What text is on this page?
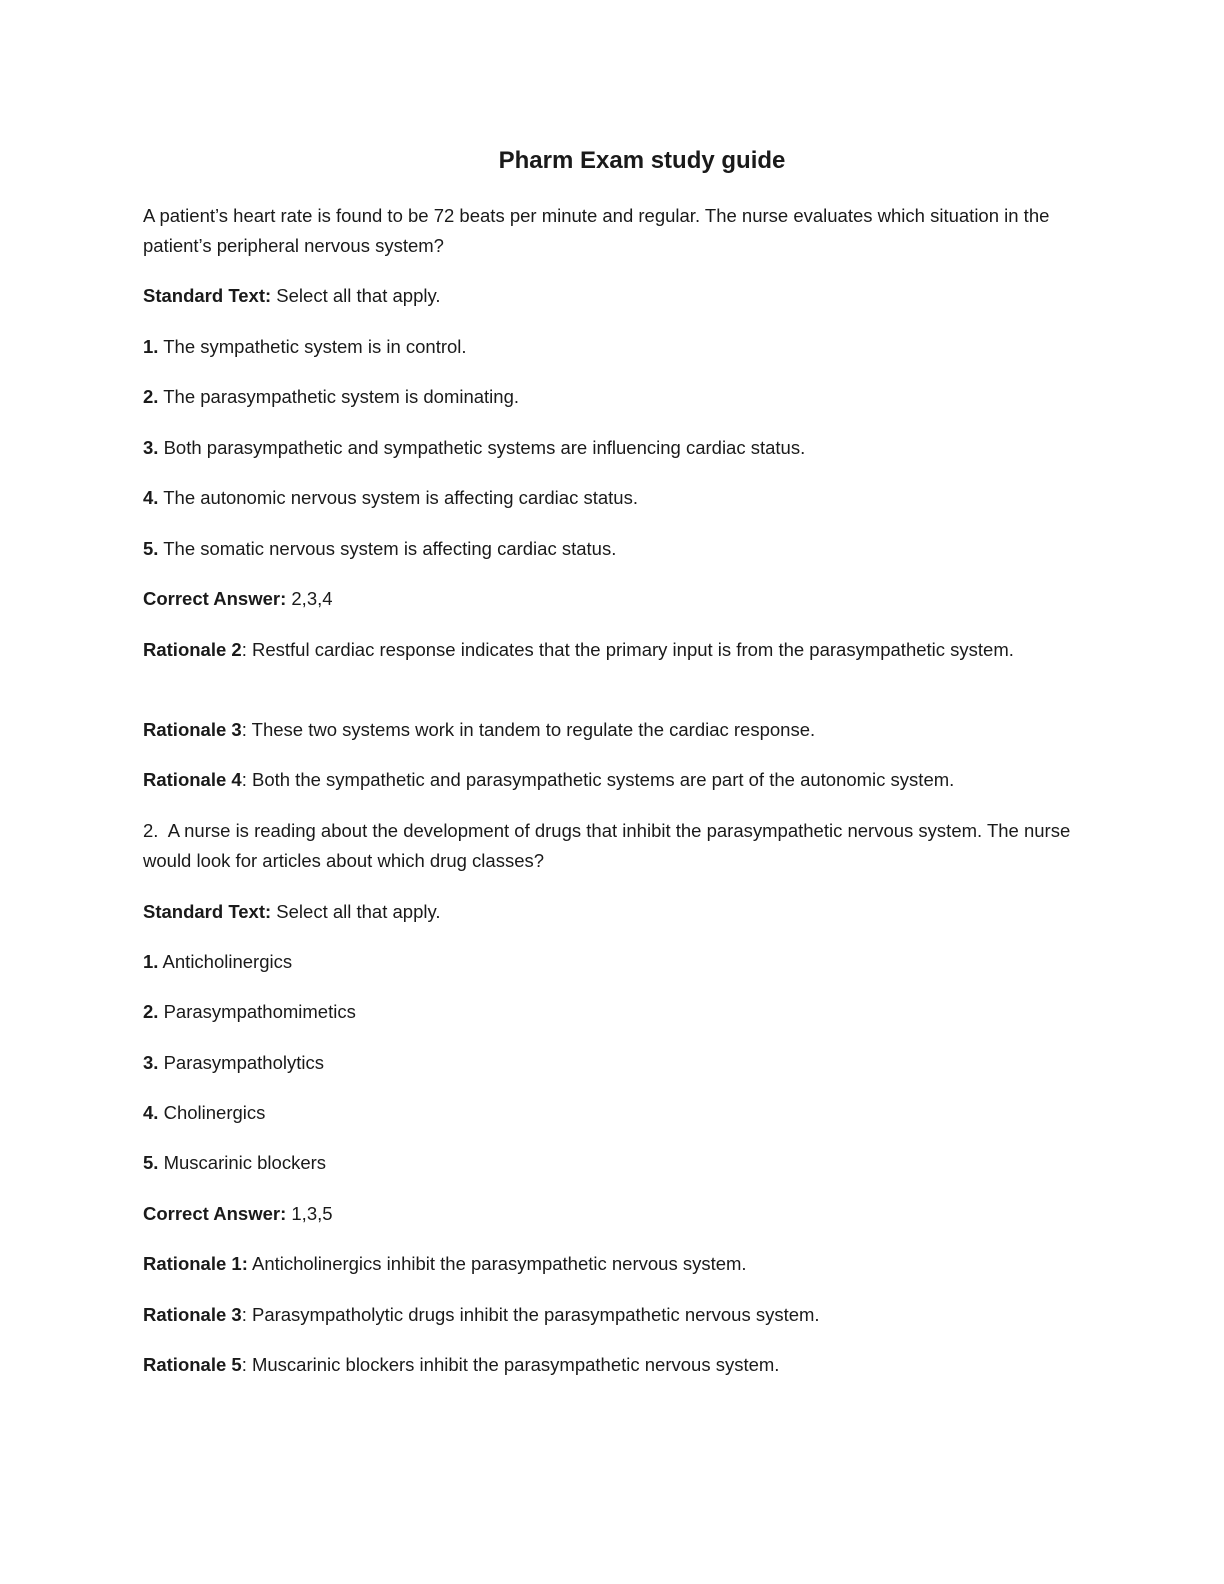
Pharm Exam study guide

A patient’s heart rate is found to be 72 beats per minute and regular. The nurse evaluates which situation in the patient’s peripheral nervous system?

Standard Text: Select all that apply.

1. The sympathetic system is in control.

2. The parasympathetic system is dominating.

3. Both parasympathetic and sympathetic systems are influencing cardiac status.

4. The autonomic nervous system is affecting cardiac status.

5. The somatic nervous system is affecting cardiac status.

Correct Answer: 2,3,4

Rationale 2: Restful cardiac response indicates that the primary input is from the parasympathetic system.

Rationale 3: These two systems work in tandem to regulate the cardiac response.

Rationale 4: Both the sympathetic and parasympathetic systems are part of the autonomic system.

2.  A nurse is reading about the development of drugs that inhibit the parasympathetic nervous system. The nurse would look for articles about which drug classes?

Standard Text: Select all that apply.

1. Anticholinergics

2. Parasympathomimetics

3. Parasympatholytics

4. Cholinergics

5. Muscarinic blockers

Correct Answer: 1,3,5

Rationale 1: Anticholinergics inhibit the parasympathetic nervous system.

Rationale 3: Parasympatholytic drugs inhibit the parasympathetic nervous system.

Rationale 5: Muscarinic blockers inhibit the parasympathetic nervous system.
